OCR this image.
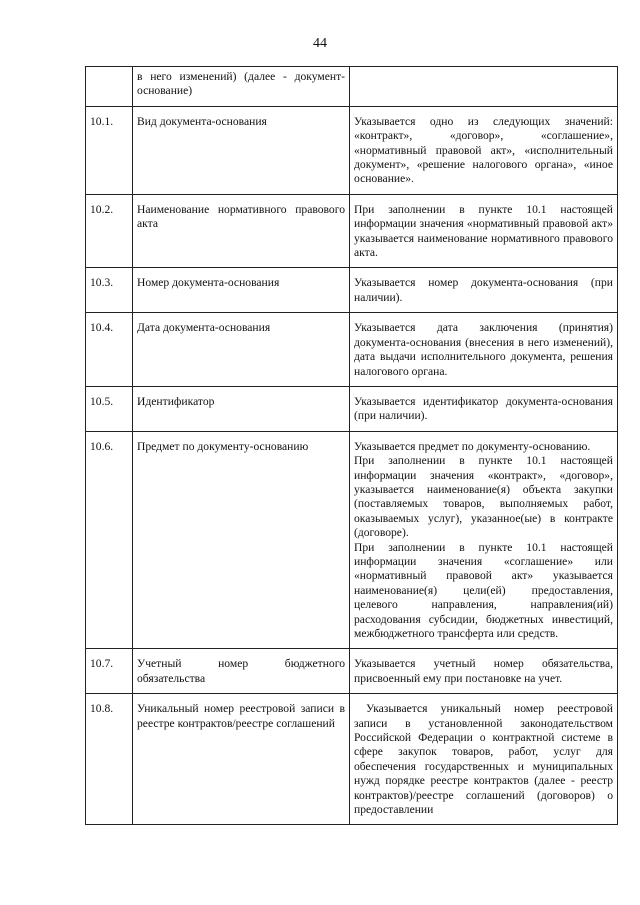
44

	в него изменений) (далее - документ-основание)	

10.1.	Вид документа-основания	Указывается одно из следующих значений: «контракт», «договор», «соглашение», «нормативный правовой акт», «исполнительный документ», «решение налогового органа», «иное основание».

10.2.	Наименование нормативного правового акта	При заполнении в пункте 10.1 настоящей информации значения «нормативный правовой акт» указывается наименование нормативного правового акта.

10.3.	Номер документа-основания	Указывается номер документа-основания (при наличии).

10.4.	Дата документа-основания	Указывается дата заключения (принятия) документа-основания (внесения в него изменений), дата выдачи исполнительного документа, решения налогового органа.

10.5.	Идентификатор	Указывается идентификатор документа-основания (при наличии).

10.6.	Предмет по документу-основанию	Указывается предмет по документу-основанию.

При заполнении в пункте 10.1 настоящей информации значения «контракт», «договор», указывается наименование(я) объекта закупки (поставляемых товаров, выполняемых работ, оказываемых услуг), указанное(ые) в контракте (договоре).

При заполнении в пункте 10.1 настоящей информации значения «соглашение» или «нормативный правовой акт» указывается наименование(я) цели(ей) предоставления, целевого направления, направления(ий) расходования субсидии, бюджетных инвестиций, межбюджетного трансферта или средств.

10.7.	Учетный номер бюджетного обязательства	Указывается учетный номер обязательства, присвоенный ему при постановке на учет.

10.8.	Уникальный номер реестровой записи в реестре контрактов/реестре соглашений	Указывается уникальный номер реестровой записи в установленной законодательством Российской Федерации о контрактной системе в сфере закупок товаров, работ, услуг для обеспечения государственных и муниципальных нужд порядке реестре контрактов (далее - реестр контрактов)/реестре соглашений (договоров) о предоставлении
